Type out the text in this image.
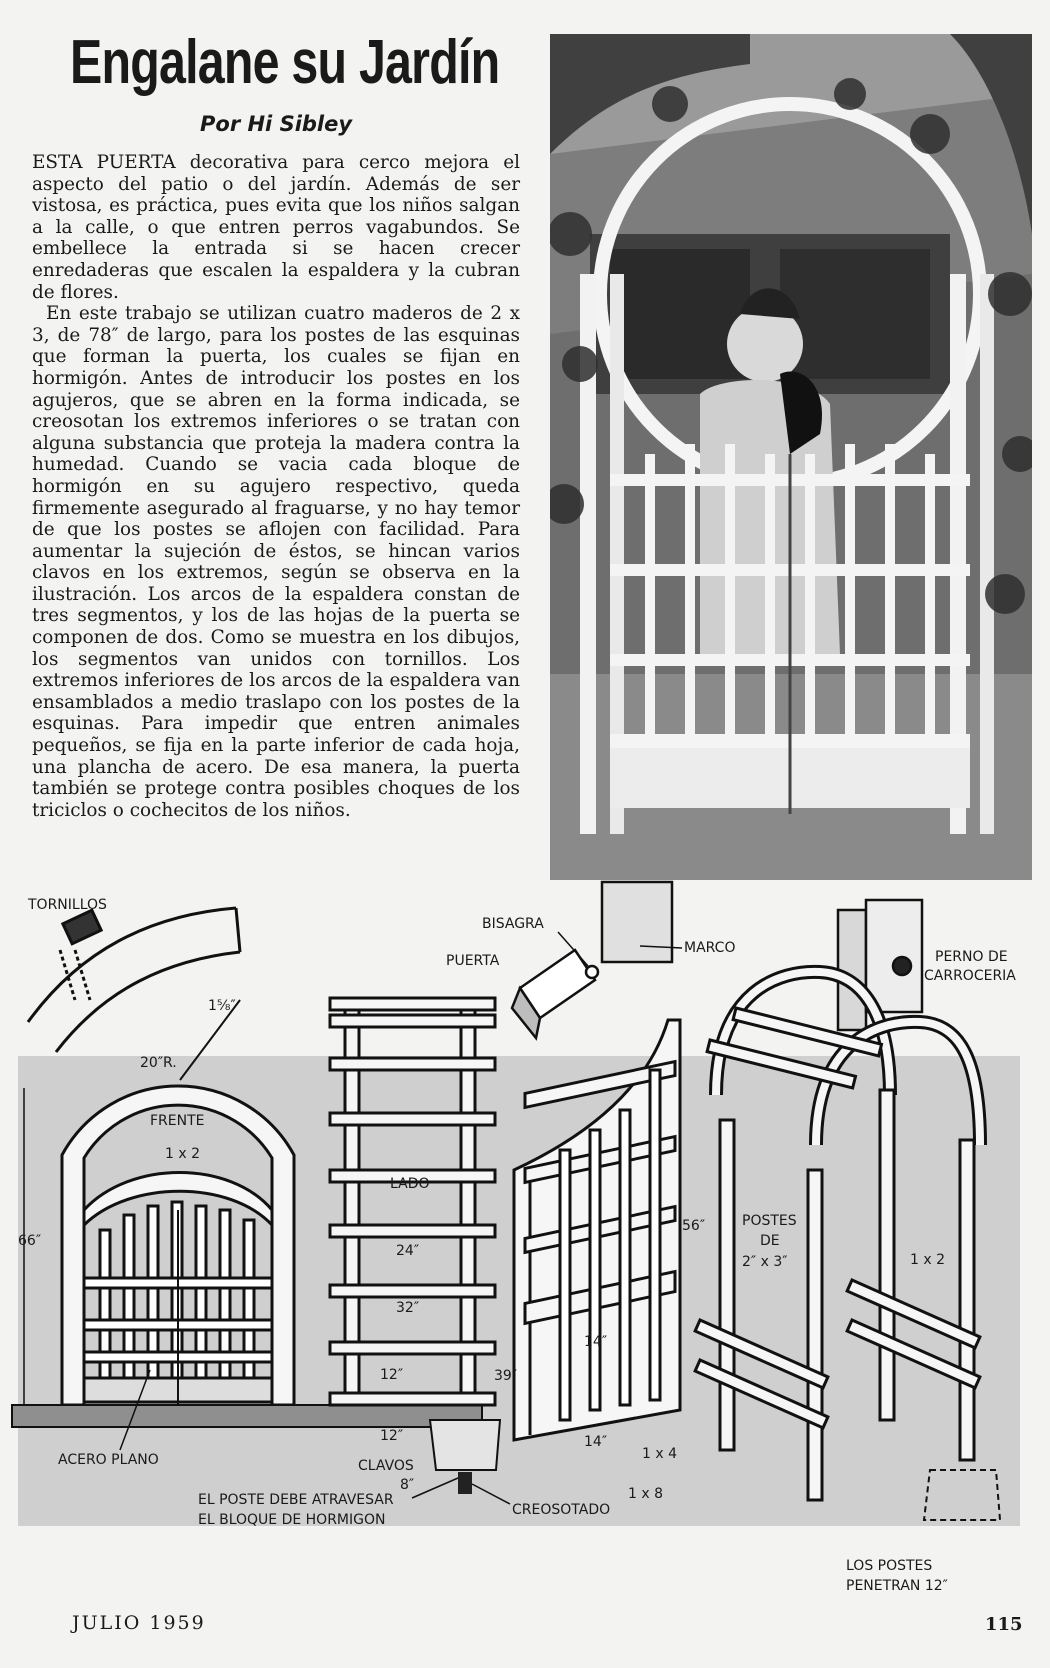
Engalane su Jardín
Por Hi Sibley

ESTA PUERTA decorativa para cerco mejora el aspecto del patio o del jardín. Además de ser vistosa, es práctica, pues evita que los niños salgan a la calle, o que entren perros vagabundos. Se embellece la entrada si se hacen crecer enredaderas que escalen la espaldera y la cubran de flores.

En este trabajo se utilizan cuatro maderos de 2 x 3, de 78″ de largo, para los postes de las esquinas que forman la puerta, los cuales se fijan en hormigón. Antes de introducir los postes en los agujeros, que se abren en la forma indicada, se creosotan los extremos inferiores o se tratan con alguna substancia que proteja la madera contra la humedad. Cuando se vacia cada bloque de hormigón en su agujero respectivo, queda firmemente asegurado al fraguarse, y no hay temor de que los postes se aflojen con facilidad. Para aumentar la sujeción de éstos, se hincan varios clavos en los extremos, según se observa en la ilustración. Los arcos de la espaldera constan de tres segmentos, y los de las hojas de la puerta se componen de dos. Como se muestra en los dibujos, los segmentos van unidos con tornillos. Los extremos inferiores de los arcos de la espaldera van ensamblados a medio traslapo con los postes de la esquinas. Para impedir que entren animales pequeños, se fija en la parte inferior de cada hoja, una plancha de acero. De esa manera, la puerta también se protege contra posibles choques de los triciclos o cochecitos de los niños.

TORNILLOS
FRENTE
20″R.
1⅝″
1 x 2
66″
ACERO PLANO
LADO
24″
32″
12″
12″
8″
CLAVOS
EL POSTE DEBE ATRAVESAR
EL BLOQUE DE HORMIGON
CREOSOTADO
BISAGRA
PUERTA
MARCO
PERNO DE
CARROCERIA
56″
39″
14″
14″
1 x 4
1 x 8
POSTES
DE
2″ x 3″	1 x 2
LOS POSTES
PENETRAN 12″
JULIO 1959	115
